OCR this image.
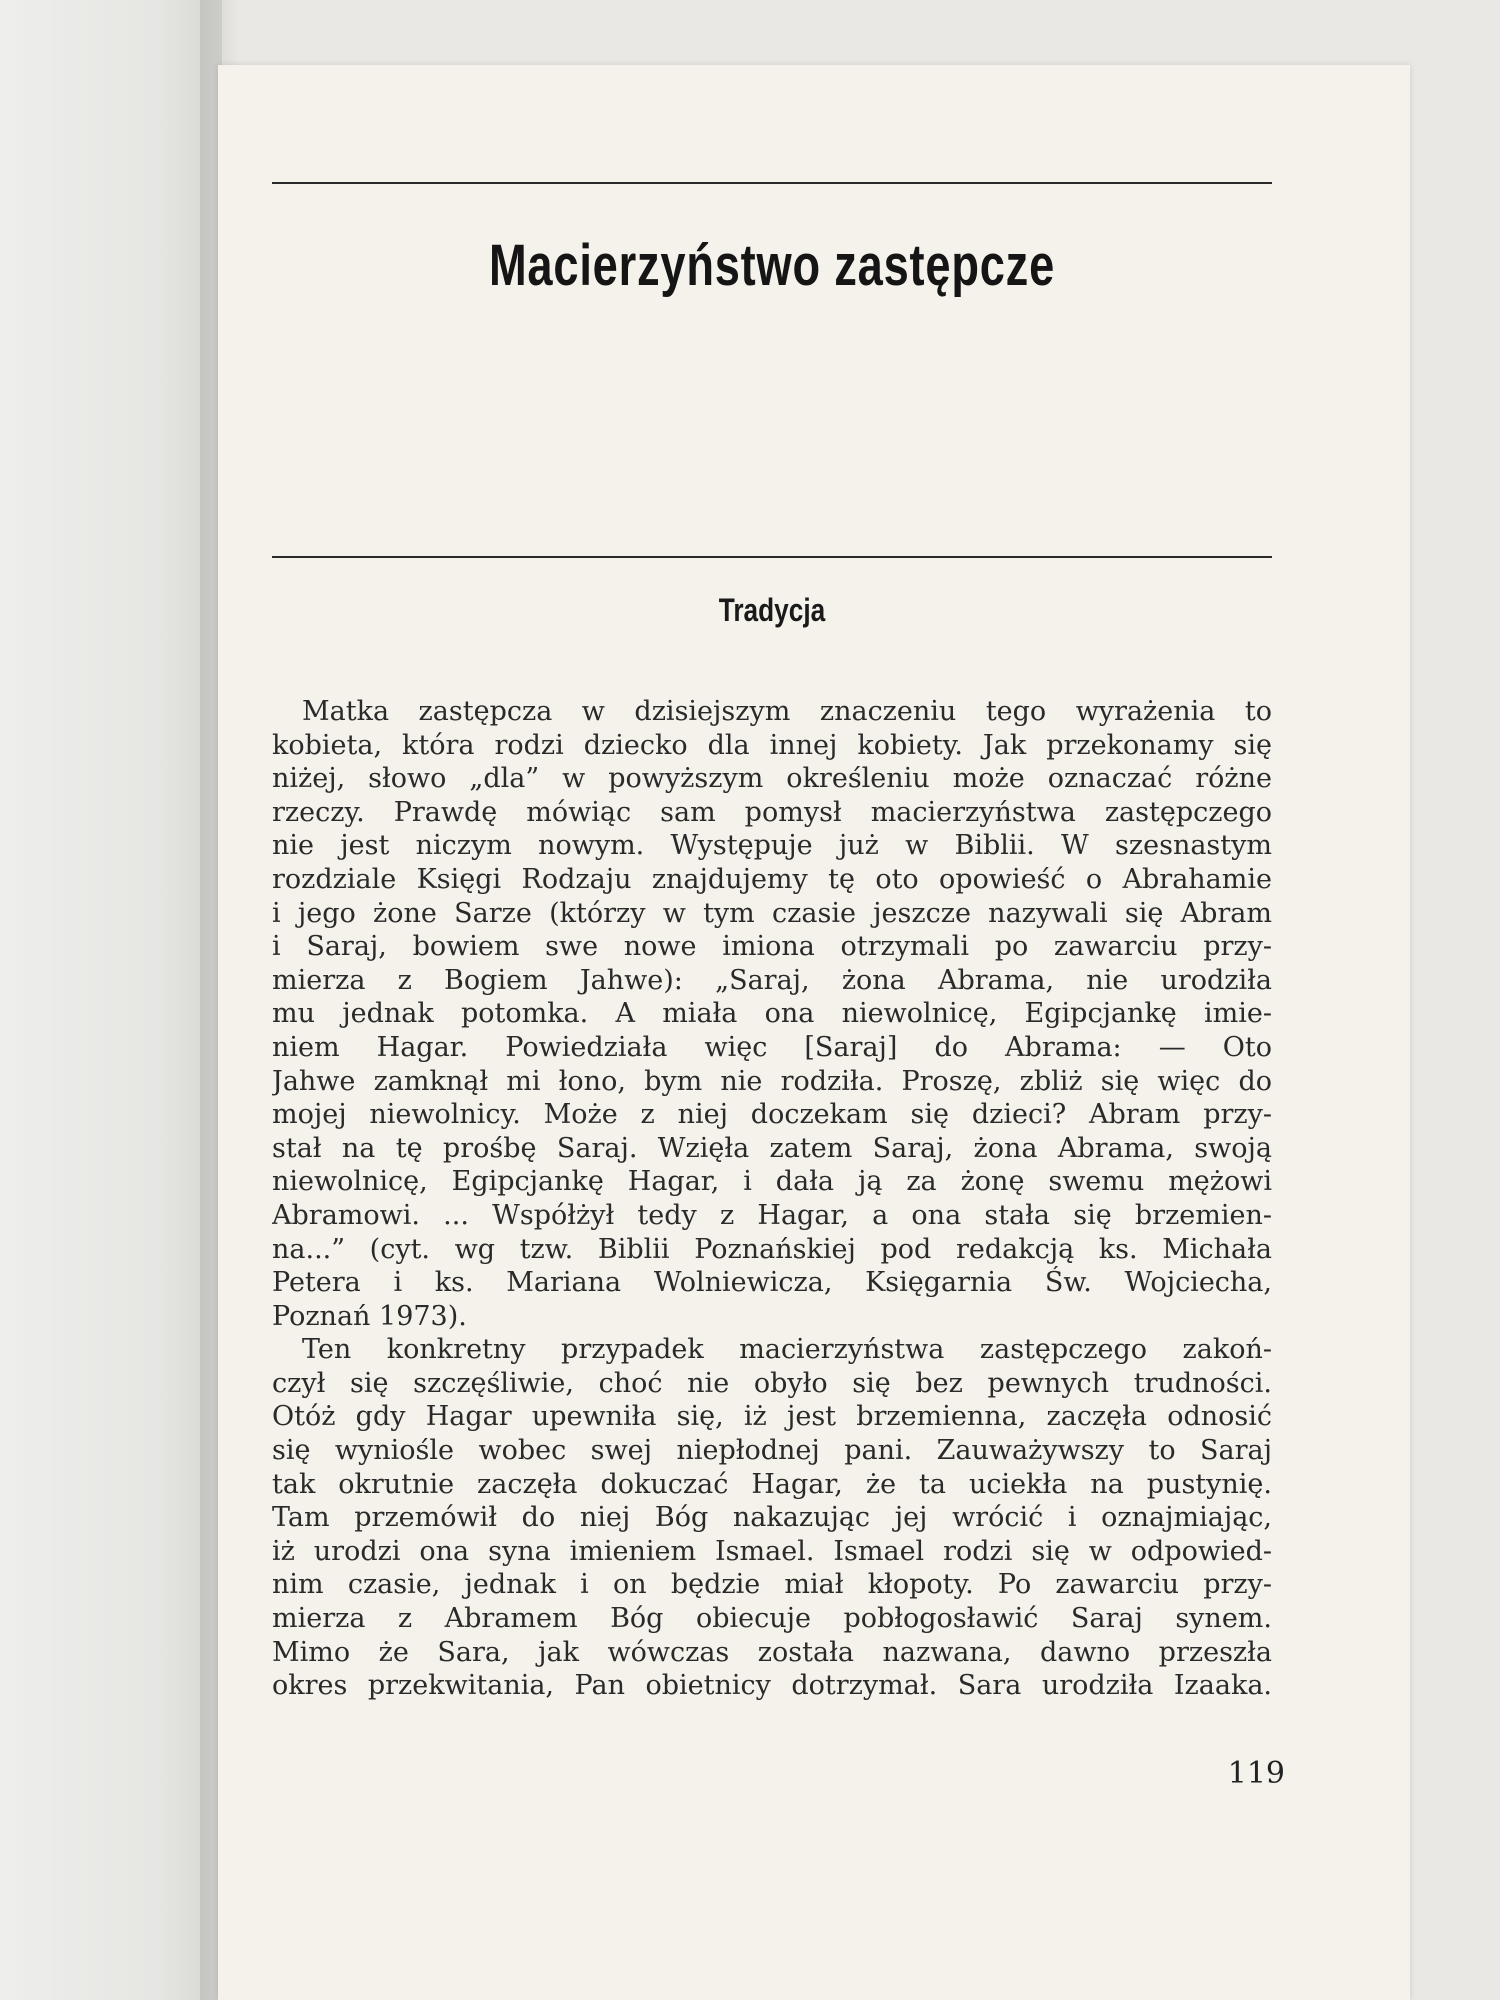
Macierzyństwo zastępcze
Tradycja
Matka zastępcza w dzisiejszym znaczeniu tego wyrażenia to
kobieta, która rodzi dziecko dla innej kobiety. Jak przekonamy się
niżej, słowo „dla” w powyższym określeniu może oznaczać różne
rzeczy. Prawdę mówiąc sam pomysł macierzyństwa zastępczego
nie jest niczym nowym. Występuje już w Biblii. W szesnastym
rozdziale Księgi Rodzaju znajdujemy tę oto opowieść o Abrahamie
i jego żone Sarze (którzy w tym czasie jeszcze nazywali się Abram
i Saraj, bowiem swe nowe imiona otrzymali po zawarciu przy-
mierza z Bogiem Jahwe): „Saraj, żona Abrama, nie urodziła
mu jednak potomka. A miała ona niewolnicę, Egipcjankę imie-
niem Hagar. Powiedziała więc [Saraj] do Abrama: — Oto
Jahwe zamknął mi łono, bym nie rodziła. Proszę, zbliż się więc do
mojej niewolnicy. Może z niej doczekam się dzieci? Abram przy-
stał na tę prośbę Saraj. Wzięła zatem Saraj, żona Abrama, swoją
niewolnicę, Egipcjankę Hagar, i dała ją za żonę swemu mężowi
Abramowi. ... Współżył tedy z Hagar, a ona stała się brzemien-
na...” (cyt. wg tzw. Biblii Poznańskiej pod redakcją ks. Michała
Petera i ks. Mariana Wolniewicza, Księgarnia Św. Wojciecha,
Poznań 1973).
Ten konkretny przypadek macierzyństwa zastępczego zakoń-
czył się szczęśliwie, choć nie obyło się bez pewnych trudności.
Otóż gdy Hagar upewniła się, iż jest brzemienna, zaczęła odnosić
się wyniośle wobec swej niepłodnej pani. Zauważywszy to Saraj
tak okrutnie zaczęła dokuczać Hagar, że ta uciekła na pustynię.
Tam przemówił do niej Bóg nakazując jej wrócić i oznajmiając,
iż urodzi ona syna imieniem Ismael. Ismael rodzi się w odpowied-
nim czasie, jednak i on będzie miał kłopoty. Po zawarciu przy-
mierza z Abramem Bóg obiecuje pobłogosławić Saraj synem.
Mimo że Sara, jak wówczas została nazwana, dawno przeszła
okres przekwitania, Pan obietnicy dotrzymał. Sara urodziła Izaaka.
119
